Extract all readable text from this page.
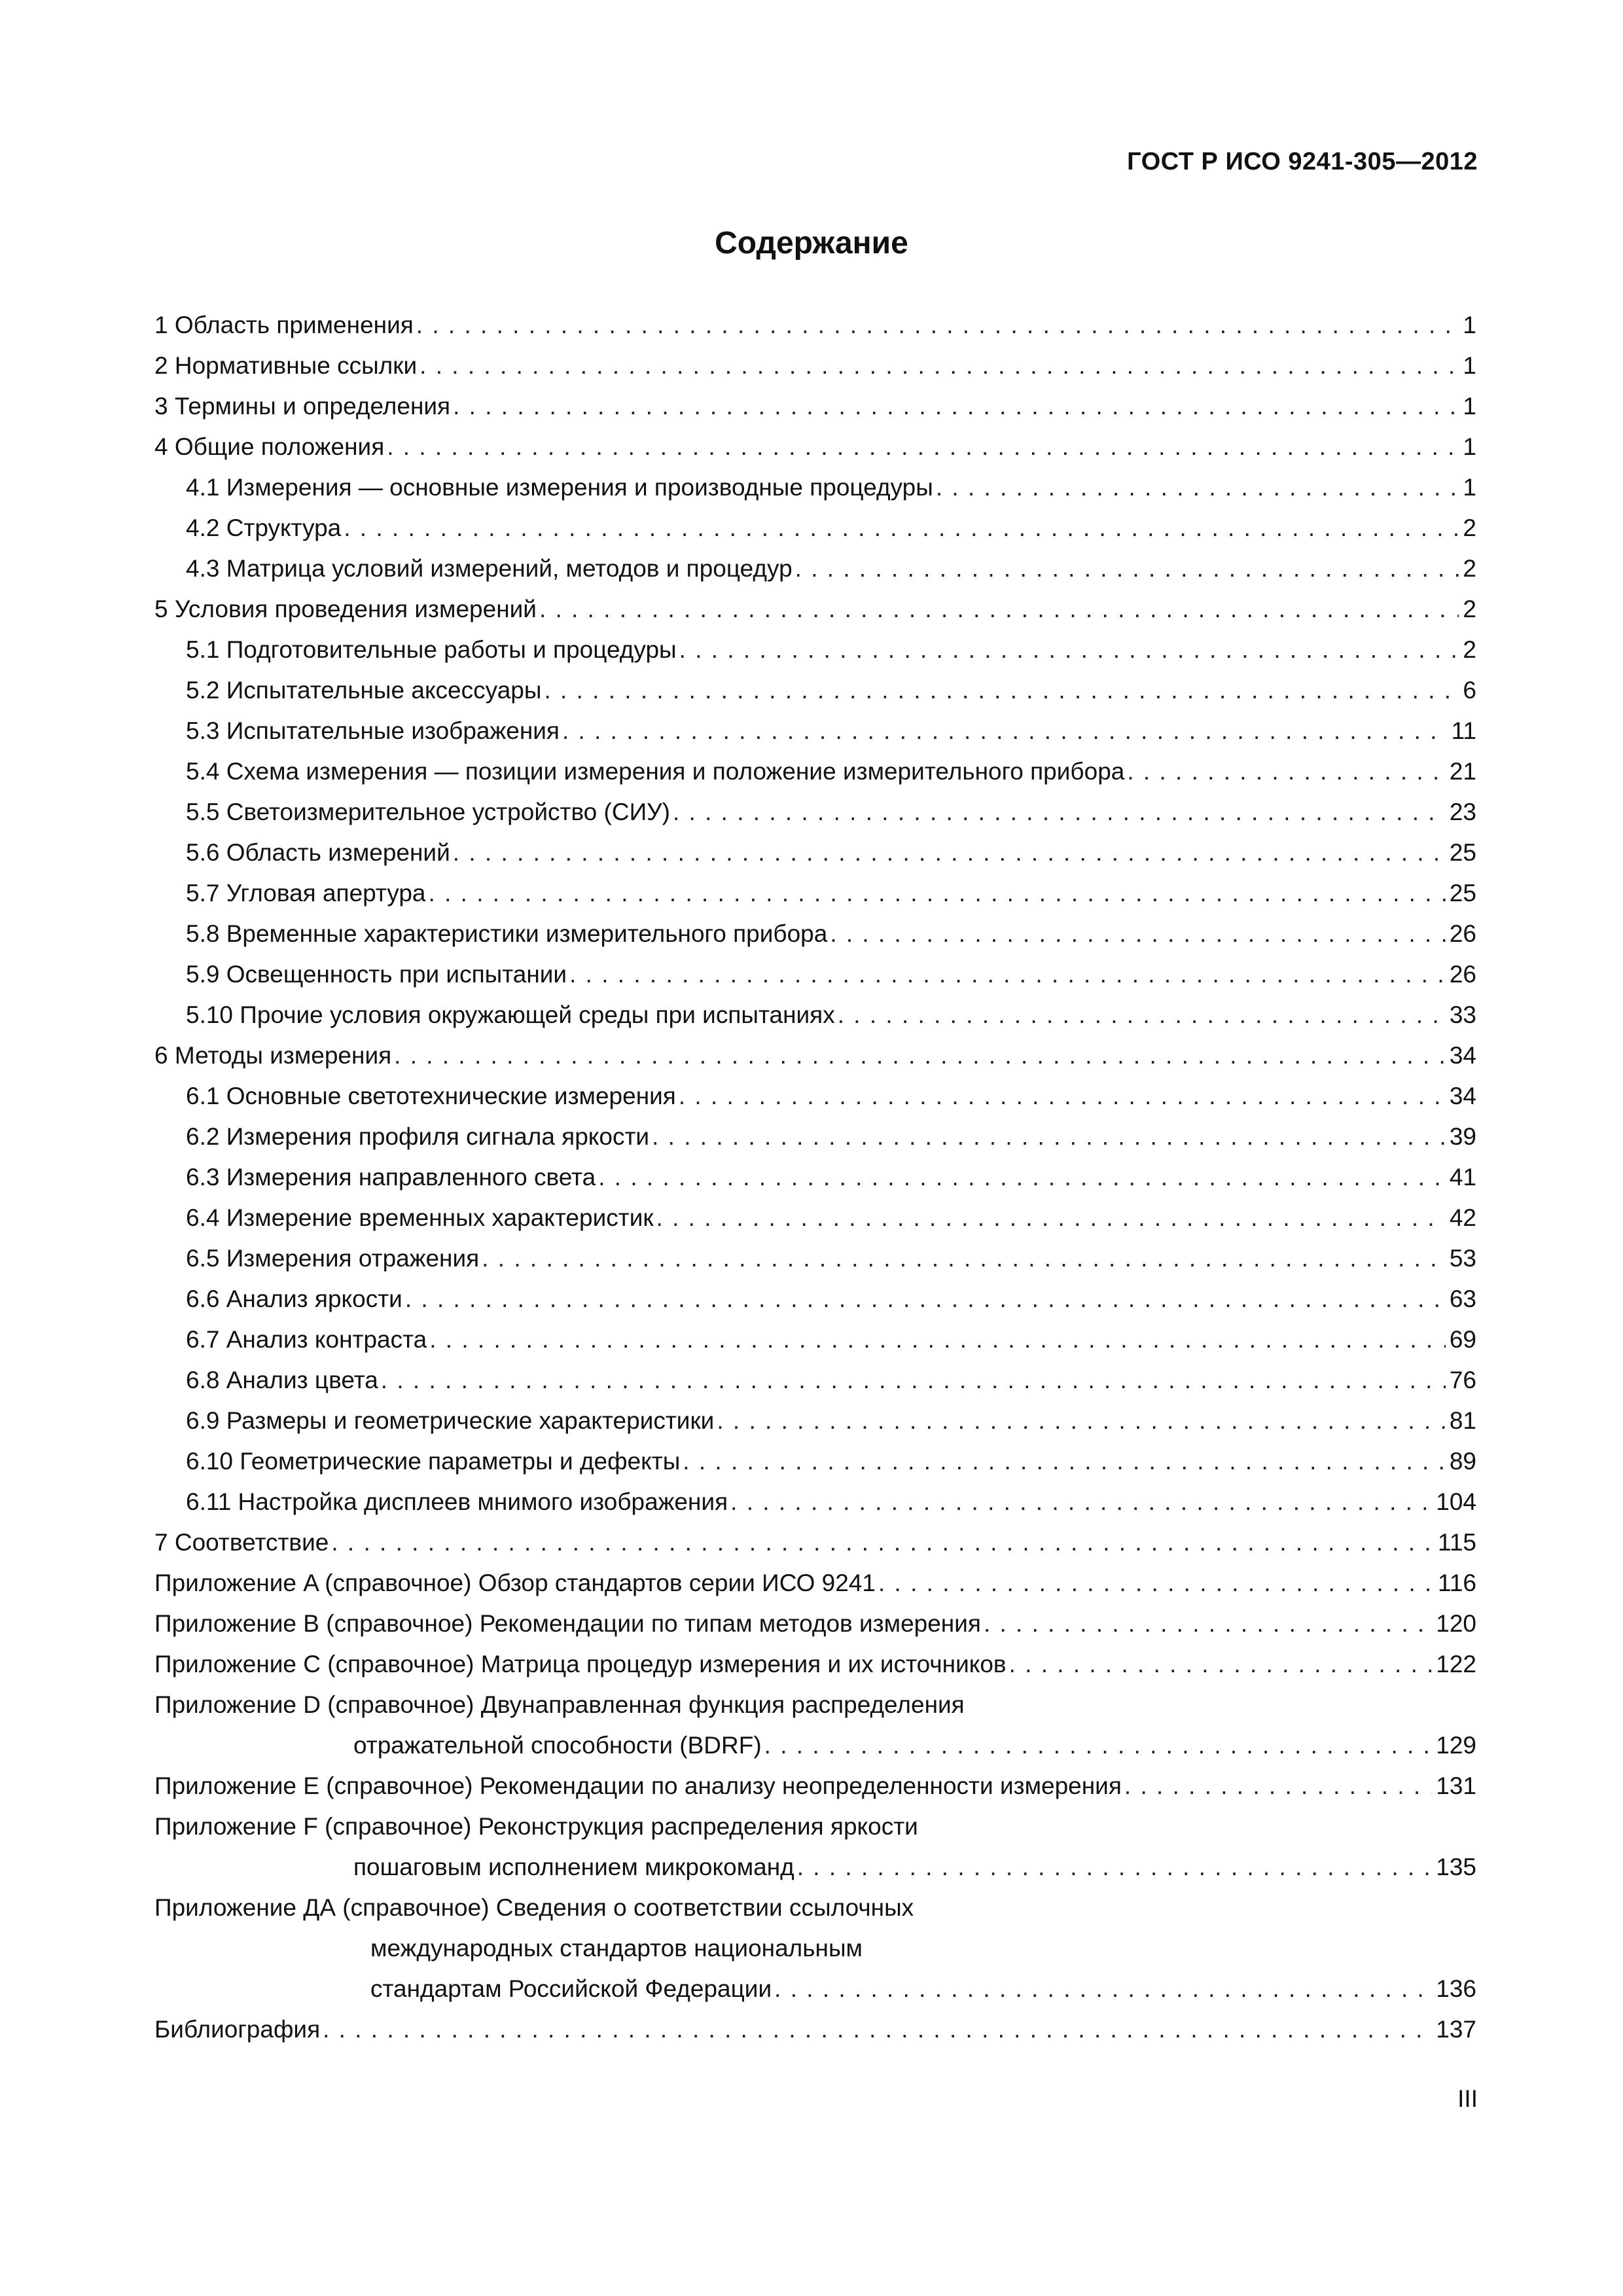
ГОСТ Р ИСО 9241-305—2012
Содержание
1 Область применения . . .	1
2 Нормативные ссылки . . .	1
3 Термины и определения . . .	1
4 Общие положения . . .	1
4.1 Измерения — основные измерения и производные процедуры . . .	1
4.2 Структура . . .	2
4.3 Матрица условий измерений, методов и процедур . . .	2
5 Условия проведения измерений . . .	2
5.1 Подготовительные работы и процедуры . . .	2
5.2 Испытательные аксессуары . . .	6
5.3 Испытательные изображения . . .	11
5.4 Схема измерения — позиции измерения и положение измерительного прибора . . .	21
5.5 Светоизмерительное устройство (СИУ) . . .	23
5.6 Область измерений . . .	25
5.7 Угловая апертура . . .	25
5.8 Временные характеристики измерительного прибора . . .	26
5.9 Освещенность при испытании . . .	26
5.10 Прочие условия окружающей среды при испытаниях . . .	33
6 Методы измерения . . .	34
6.1 Основные светотехнические измерения . . .	34
6.2 Измерения профиля сигнала яркости . . .	39
6.3 Измерения направленного света . . .	41
6.4 Измерение временных характеристик . . .	42
6.5 Измерения отражения . . .	53
6.6 Анализ яркости . . .	63
6.7 Анализ контраста . . .	69
6.8 Анализ цвета . . .	76
6.9 Размеры и геометрические характеристики . . .	81
6.10 Геометрические параметры и дефекты . . .	89
6.11 Настройка дисплеев мнимого изображения . . .	104
7 Соответствие . . .	115
Приложение A (справочное) Обзор стандартов серии ИСО 9241 . . .	116
Приложение B (справочное) Рекомендации по типам методов измерения . . .	120
Приложение C (справочное) Матрица процедур измерения и их источников . . .	122
Приложение D (справочное) Двунаправленная функция распределения
отражательной способности (BDRF) . . .	129
Приложение E (справочное) Рекомендации по анализу неопределенности измерения . . .	131
Приложение F (справочное) Реконструкция распределения яркости
пошаговым исполнением микрокоманд . . .	135
Приложение ДА (справочное) Сведения о соответствии ссылочных
международных стандартов национальным
стандартам Российской Федерации . . .	136
Библиография . . .	137
III
